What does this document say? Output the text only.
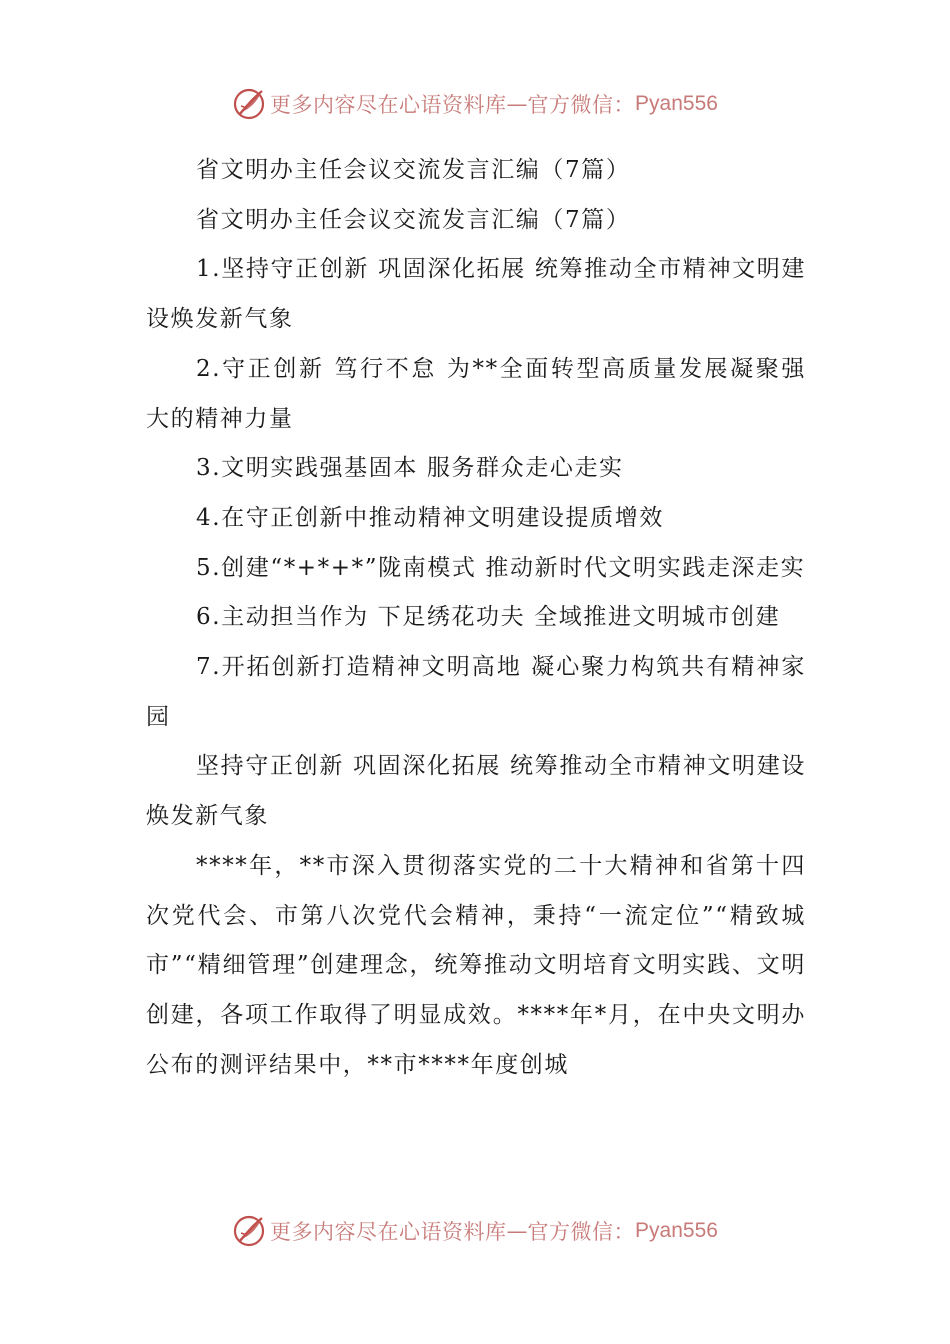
更多内容尽在心语资料库 — 官方微信： Pyan556

省文明办主任会议交流发言汇编（7篇）

省文明办主任会议交流发言汇编（7篇）

1.坚持守正创新 巩固深化拓展 统筹推动全市精神文明建设焕发新气象

2.守正创新 笃行不怠 为**全面转型高质量发展凝聚强大的精神力量

3.文明实践强基固本 服务群众走心走实

4.在守正创新中推动精神文明建设提质增效

5.创建“*+*+*”陇南模式 推动新时代文明实践走深走实

6.主动担当作为 下足绣花功夫 全域推进文明城市创建

7.开拓创新打造精神文明高地 凝心聚力构筑共有精神家园

坚持守正创新 巩固深化拓展 统筹推动全市精神文明建设焕发新气象

****年，**市深入贯彻落实党的二十大精神和省第十四次党代会、市第八次党代会精神，秉持“一流定位”“精致城市”“精细管理”创建理念，统筹推动文明培育文明实践、文明创建，各项工作取得了明显成效。****年*月，在中央文明办公布的测评结果中，**市****年度创城

更多内容尽在心语资料库 — 官方微信： Pyan556
